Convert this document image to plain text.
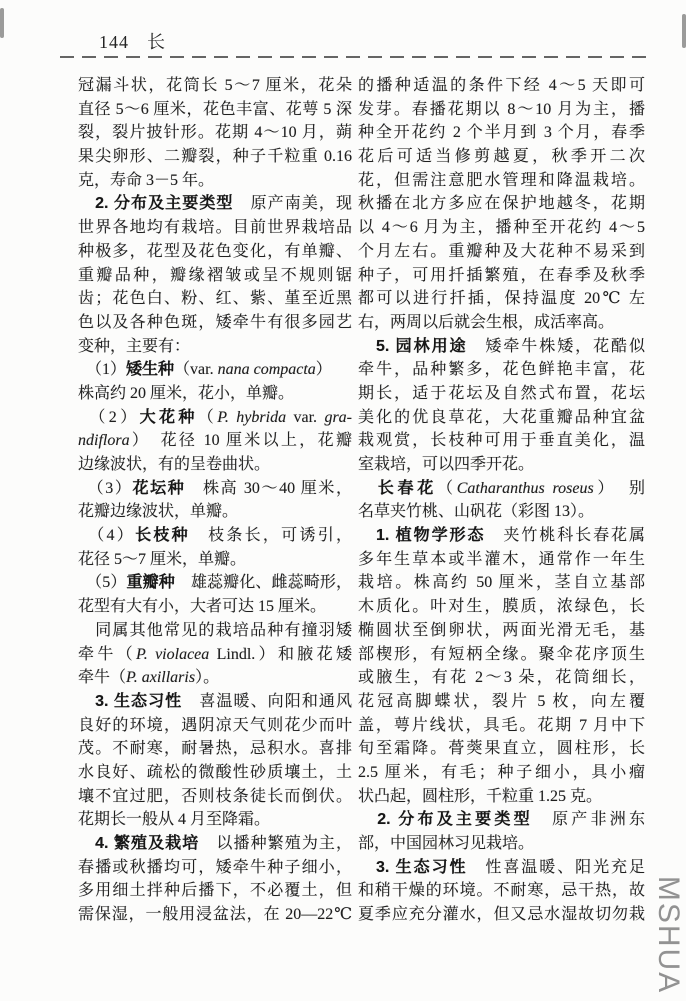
144 长
冠漏斗状，花筒长 5～7 厘米，花朵
直径 5～6 厘米，花色丰富、花萼 5 深
裂，裂片披针形。花期 4～10 月，蒴
果尖卵形、二瓣裂，种子千粒重 0.16
克，寿命 3－5 年。
　2. 分布及主要类型　原产南美，现
世界各地均有栽培。目前世界栽培品
种极多，花型及花色变化，有单瓣、
重瓣品种，瓣缘褶皱或呈不规则锯
齿；花色白、粉、红、紫、堇至近黑
色以及各种色斑，矮牵牛有很多园艺
变种，主要有：
　（1）矮生种（var. nana compacta）
株高约 20 厘米，花小，单瓣。
　（2）大花种（P. hybrida var. gra-
ndiflora）　花径 10 厘米以上，花瓣
边缘波状，有的呈卷曲状。
　（3）花坛种　株高 30～40 厘米，
花瓣边缘波状，单瓣。
　（4）长枝种　枝条长，可诱引，
花径 5～7 厘米，单瓣。
　（5）重瓣种　雄蕊瓣化、雌蕊畸形，
花型有大有小，大者可达 15 厘米。
　同属其他常见的栽培品种有撞羽矮
牵牛（P. violacea Lindl.）和腋花矮
牵牛（P. axillaris）。
　3. 生态习性　喜温暖、向阳和通风
良好的环境，遇阴凉天气则花少而叶
茂。不耐寒，耐暑热，忌积水。喜排
水良好、疏松的微酸性砂质壤土，土
壤不宜过肥，否则枝条徒长而倒伏。
花期长一般从 4 月至降霜。
　4. 繁殖及栽培　以播种繁殖为主，
春播或秋播均可，矮牵牛种子细小，
多用细土拌种后播下，不必覆土，但
需保湿，一般用浸盆法，在 20—22℃
的播种适温的条件下经 4～5 天即可
发芽。春播花期以 8～10 月为主，播
种全开花约 2 个半月到 3 个月，春季
花后可适当修剪越夏，秋季开二次
花，但需注意肥水管理和降温栽培。
秋播在北方多应在保护地越冬，花期
以 4～6 月为主，播种至开花约 4～5
个月左右。重瓣种及大花种不易采到
种子，可用扦插繁殖，在春季及秋季
都可以进行扦插，保持温度 20℃ 左
右，两周以后就会生根，成活率高。
　5. 园林用途　矮牵牛株矮，花酷似
牵牛，品种繁多，花色鲜艳丰富，花
期长，适于花坛及自然式布置，花坛
美化的优良草花，大花重瓣品种宜盆
栽观赏，长枝种可用于垂直美化，温
室栽培，可以四季开花。
　长春花（Catharanthus roseus）　别
名草夹竹桃、山矾花（彩图 13）。
　1. 植物学形态　夹竹桃科长春花属
多年生草本或半灌木，通常作一年生
栽培。株高约 50 厘米，茎自立基部
木质化。叶对生，膜质，浓绿色，长
椭圆状至倒卵状，两面光滑无毛，基
部楔形，有短柄全缘。聚伞花序顶生
或腋生，有花 2～3 朵，花筒细长，
花冠高脚蝶状，裂片 5 枚，向左覆
盖，萼片线状，具毛。花期 7 月中下
旬至霜降。蓇葖果直立，圆柱形，长
2.5 厘米，有毛；种子细小，具小瘤
状凸起，圆柱形，千粒重 1.25 克。
　2. 分布及主要类型　原产非洲东
部，中国园林习见栽培。
　3. 生态习性　性喜温暖、阳光充足
和稍干燥的环境。不耐寒，忌干热，故
夏季应充分灌水，但又忌水湿故切勿栽 MSHUA
